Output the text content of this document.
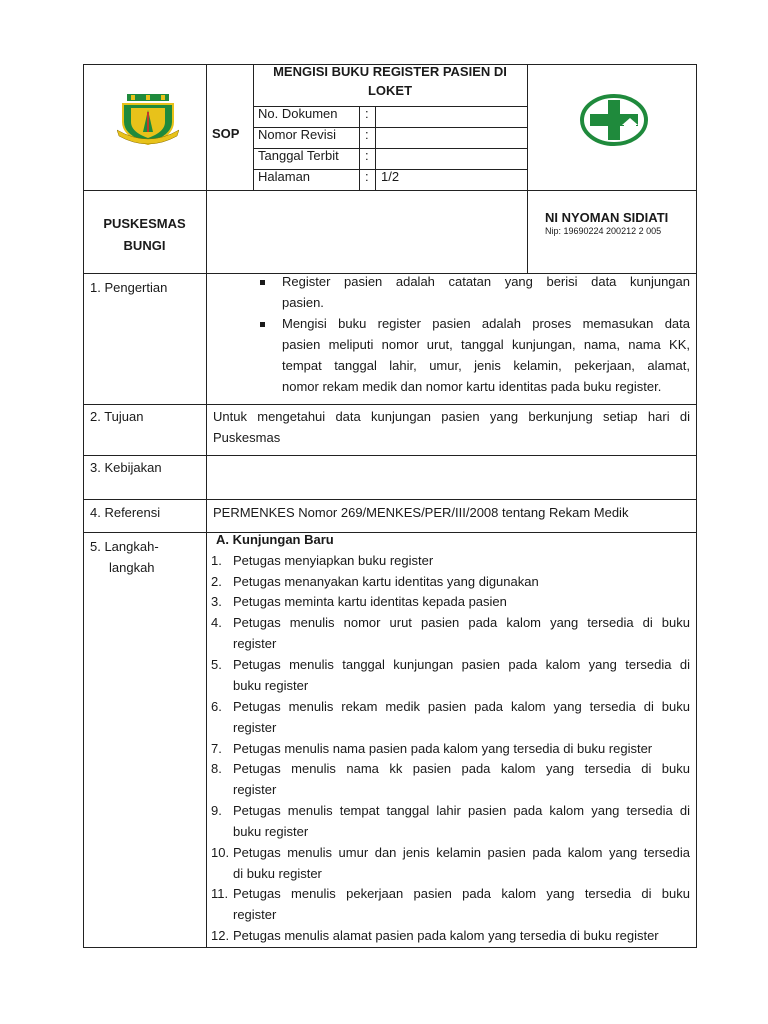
SOP
MENGISI BUKU REGISTER PASIEN DI
LOKET
No. Dokumen :
Nomor Revisi :
Tanggal Terbit :
Halaman	: 1/2
PUSKESMAS
BUNGI
NI NYOMAN SIDIATI
Nip: 19690224 200212 2 005
1. Pengertian	Register pasien adalah catatan yang berisi data kunjungan
pasien.
Mengisi buku register pasien adalah proses memasukan data
pasien meliputi nomor urut, tanggal kunjungan, nama, nama KK,
tempat tanggal lahir, umur, jenis kelamin, pekerjaan, alamat,
nomor rekam medik dan nomor kartu identitas pada buku register.
2. Tujuan	Untuk mengetahui data kunjungan pasien yang berkunjung setiap hari di
Puskesmas
3. Kebijakan
4. Referensi	PERMENKES Nomor 269/MENKES/PER/III/2008 tentang Rekam Medik
5. Langkah-
langkah
A. Kunjungan Baru
1. Petugas menyiapkan buku register
2. Petugas menanyakan kartu identitas yang digunakan
3. Petugas meminta kartu identitas kepada pasien
4. Petugas menulis nomor urut pasien pada kalom yang tersedia di buku
register
5. Petugas menulis tanggal kunjungan pasien pada kalom yang tersedia di
buku register
6. Petugas menulis rekam medik pasien pada kalom yang tersedia di buku
register
7. Petugas menulis nama pasien pada kalom yang tersedia di buku register
8. Petugas menulis nama kk pasien pada kalom yang tersedia di buku
register
9. Petugas menulis tempat tanggal lahir pasien pada kalom yang tersedia di
buku register
10. Petugas menulis umur dan jenis kelamin pasien pada kalom yang tersedia
di buku register
11. Petugas menulis pekerjaan pasien pada kalom yang tersedia di buku
register
12. Petugas menulis alamat pasien pada kalom yang tersedia di buku register
